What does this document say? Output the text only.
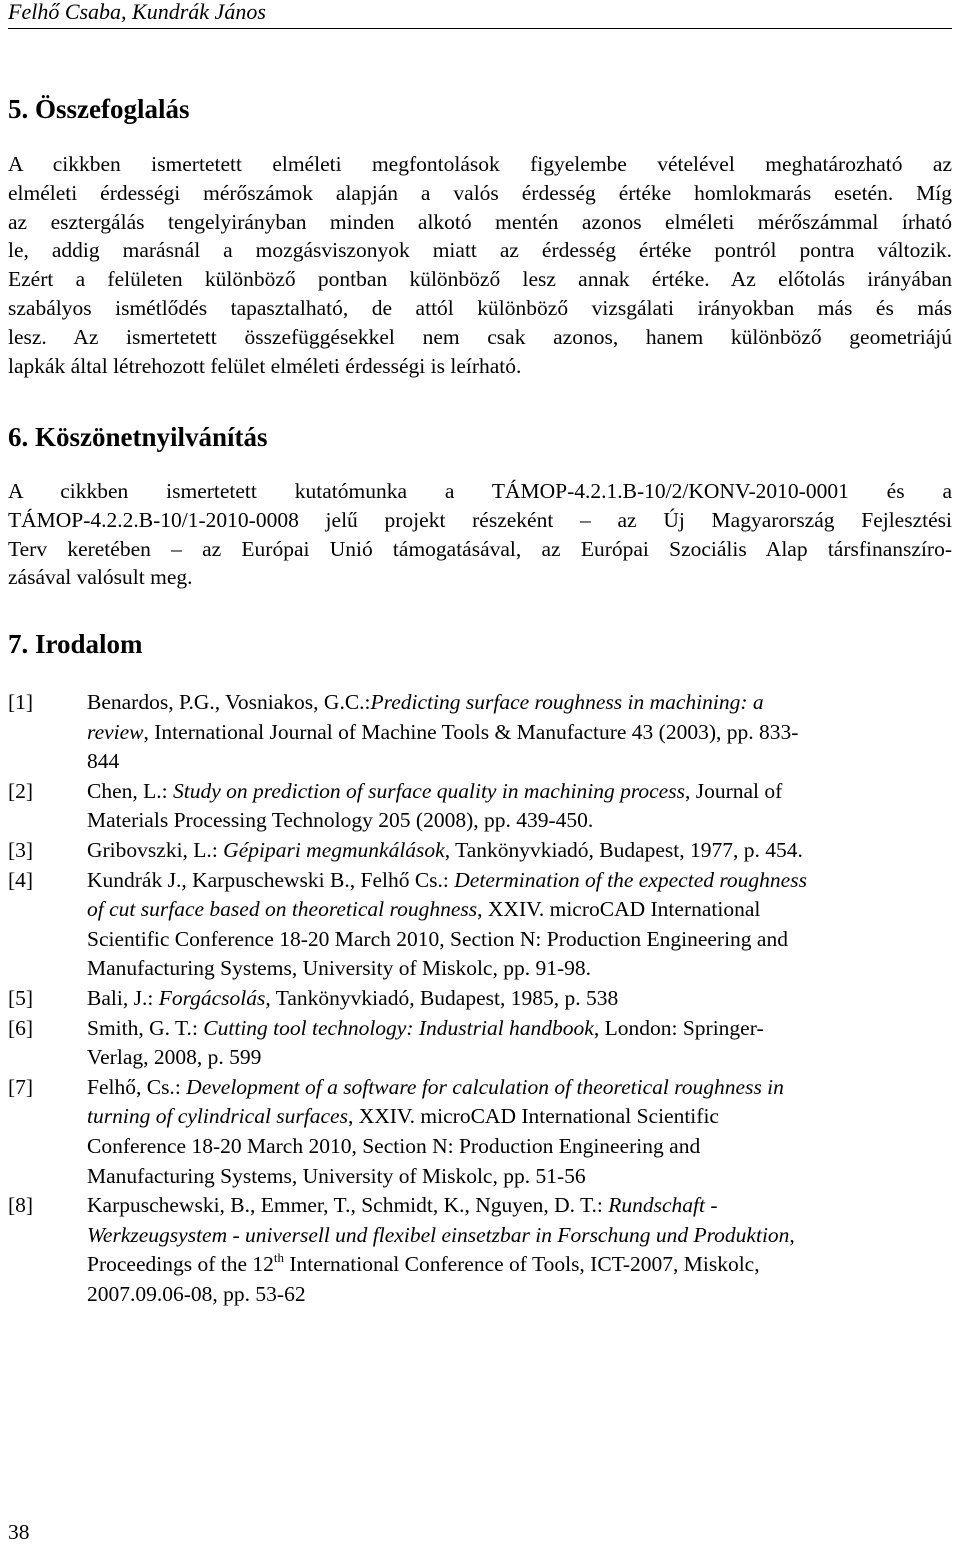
Felhő Csaba, Kundrák János
5. Összefoglalás
A cikkben ismertetett elméleti megfontolások figyelembe vételével meghatározható az
elméleti érdességi mérőszámok alapján a valós érdesség értéke homlokmarás esetén. Míg
az esztergálás tengelyirányban minden alkotó mentén azonos elméleti mérőszámmal írható
le, addig marásnál a mozgásviszonyok miatt az érdesség értéke pontról pontra változik.
Ezért a felületen különböző pontban különböző lesz annak értéke. Az előtolás irányában
szabályos ismétlődés tapasztalható, de attól különböző vizsgálati irányokban más és más
lesz. Az ismertetett összefüggésekkel nem csak azonos, hanem különböző geometriájú
lapkák által létrehozott felület elméleti érdességi is leírható.
6. Köszönetnyilvánítás
A cikkben ismertetett kutatómunka a TÁMOP-4.2.1.B-10/2/KONV-2010-0001 és a
TÁMOP-4.2.2.B-10/1-2010-0008 jelű projekt részeként – az Új Magyarország Fejlesztési
Terv keretében – az Európai Unió támogatásával, az Európai Szociális Alap társfinanszíro-
zásával valósult meg.
7. Irodalom
[1]	Benardos, P.G., Vosniakos, G.C.:Predicting surface roughness in machining: a
review, International Journal of Machine Tools & Manufacture 43 (2003), pp. 833-
844
[2]	Chen, L.: Study on prediction of surface quality in machining process, Journal of
Materials Processing Technology 205 (2008), pp. 439-450.
[3]	Gribovszki, L.: Gépipari megmunkálások, Tankönyvkiadó, Budapest, 1977, p. 454.
[4]	Kundrák J., Karpuschewski B., Felhő Cs.: Determination of the expected roughness
of cut surface based on theoretical roughness, XXIV. microCAD International
Scientific Conference 18-20 March 2010, Section N: Production Engineering and
Manufacturing Systems, University of Miskolc, pp. 91-98.
[5]	Bali, J.: Forgácsolás, Tankönyvkiadó, Budapest, 1985, p. 538
[6]	Smith, G. T.: Cutting tool technology: Industrial handbook, London: Springer-
Verlag, 2008, p. 599
[7]	Felhő, Cs.: Development of a software for calculation of theoretical roughness in
turning of cylindrical surfaces, XXIV. microCAD International Scientific
Conference 18-20 March 2010, Section N: Production Engineering and
Manufacturing Systems, University of Miskolc, pp. 51-56
[8]	Karpuschewski, B., Emmer, T., Schmidt, K., Nguyen, D. T.: Rundschaft -
Werkzeugsystem - universell und flexibel einsetzbar in Forschung und Produktion,
Proceedings of the 12th International Conference of Tools, ICT-2007, Miskolc,
2007.09.06-08, pp. 53-62
38
